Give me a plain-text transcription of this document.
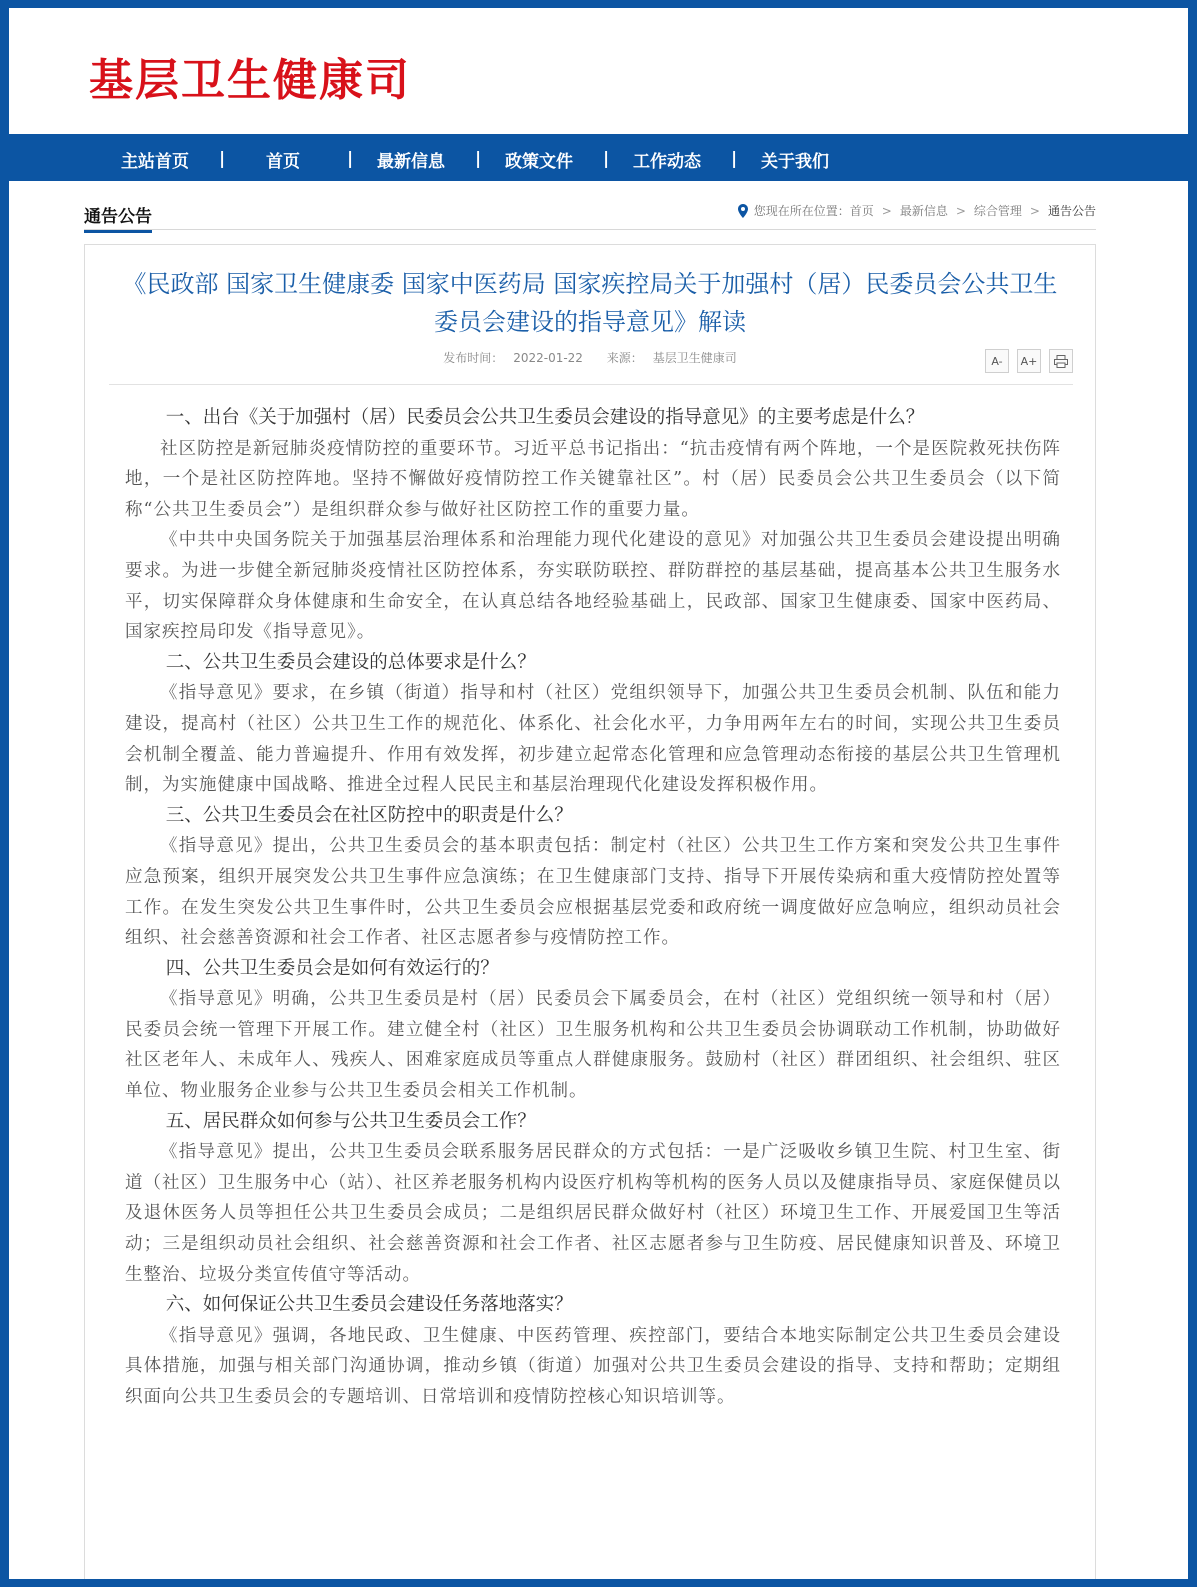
基层卫生健康司
主站首页	|	首页	|	最新信息	|	政策文件	|	工作动态	|	关于我们
通告公告	您现在所在位置： 首页 > 最新信息 > 综合管理 > 通告公告
《民政部 国家卫生健康委 国家中医药局 国家疾控局关于加强村（居）民委员会公共卫生委员会建设的指导意见》解读
发布时间： 2022-01-22 来源： 基层卫生健康司	A-	A+
一、出台《关于加强村（居）民委员会公共卫生委员会建设的指导意见》的主要考虑是什么？

社区防控是新冠肺炎疫情防控的重要环节。习近平总书记指出：“抗击疫情有两个阵地，一个是医院救死扶伤阵地，一个是社区防控阵地。坚持不懈做好疫情防控工作关键靠社区”。村（居）民委员会公共卫生委员会（以下简称“公共卫生委员会”）是组织群众参与做好社区防控工作的重要力量。

《中共中央国务院关于加强基层治理体系和治理能力现代化建设的意见》对加强公共卫生委员会建设提出明确要求。为进一步健全新冠肺炎疫情社区防控体系，夯实联防联控、群防群控的基层基础，提高基本公共卫生服务水平，切实保障群众身体健康和生命安全，在认真总结各地经验基础上，民政部、国家卫生健康委、国家中医药局、国家疾控局印发《指导意见》。

二、公共卫生委员会建设的总体要求是什么？

《指导意见》要求，在乡镇（街道）指导和村（社区）党组织领导下，加强公共卫生委员会机制、队伍和能力建设，提高村（社区）公共卫生工作的规范化、体系化、社会化水平，力争用两年左右的时间，实现公共卫生委员会机制全覆盖、能力普遍提升、作用有效发挥，初步建立起常态化管理和应急管理动态衔接的基层公共卫生管理机制，为实施健康中国战略、推进全过程人民民主和基层治理现代化建设发挥积极作用。

三、公共卫生委员会在社区防控中的职责是什么？

《指导意见》提出，公共卫生委员会的基本职责包括：制定村（社区）公共卫生工作方案和突发公共卫生事件应急预案，组织开展突发公共卫生事件应急演练；在卫生健康部门支持、指导下开展传染病和重大疫情防控处置等工作。在发生突发公共卫生事件时，公共卫生委员会应根据基层党委和政府统一调度做好应急响应，组织动员社会组织、社会慈善资源和社会工作者、社区志愿者参与疫情防控工作。

四、公共卫生委员会是如何有效运行的？

《指导意见》明确，公共卫生委员是村（居）民委员会下属委员会，在村（社区）党组织统一领导和村（居）民委员会统一管理下开展工作。建立健全村（社区）卫生服务机构和公共卫生委员会协调联动工作机制，协助做好社区老年人、未成年人、残疾人、困难家庭成员等重点人群健康服务。鼓励村（社区）群团组织、社会组织、驻区单位、物业服务企业参与公共卫生委员会相关工作机制。

五、居民群众如何参与公共卫生委员会工作？

《指导意见》提出，公共卫生委员会联系服务居民群众的方式包括：一是广泛吸收乡镇卫生院、村卫生室、街道（社区）卫生服务中心（站）、社区养老服务机构内设医疗机构等机构的医务人员以及健康指导员、家庭保健员以及退休医务人员等担任公共卫生委员会成员；二是组织居民群众做好村（社区）环境卫生工作、开展爱国卫生等活动；三是组织动员社会组织、社会慈善资源和社会工作者、社区志愿者参与卫生防疫、居民健康知识普及、环境卫生整治、垃圾分类宣传值守等活动。

六、如何保证公共卫生委员会建设任务落地落实？

《指导意见》强调，各地民政、卫生健康、中医药管理、疾控部门，要结合本地实际制定公共卫生委员会建设具体措施，加强与相关部门沟通协调，推动乡镇（街道）加强对公共卫生委员会建设的指导、支持和帮助；定期组织面向公共卫生委员会的专题培训、日常培训和疫情防控核心知识培训等。
